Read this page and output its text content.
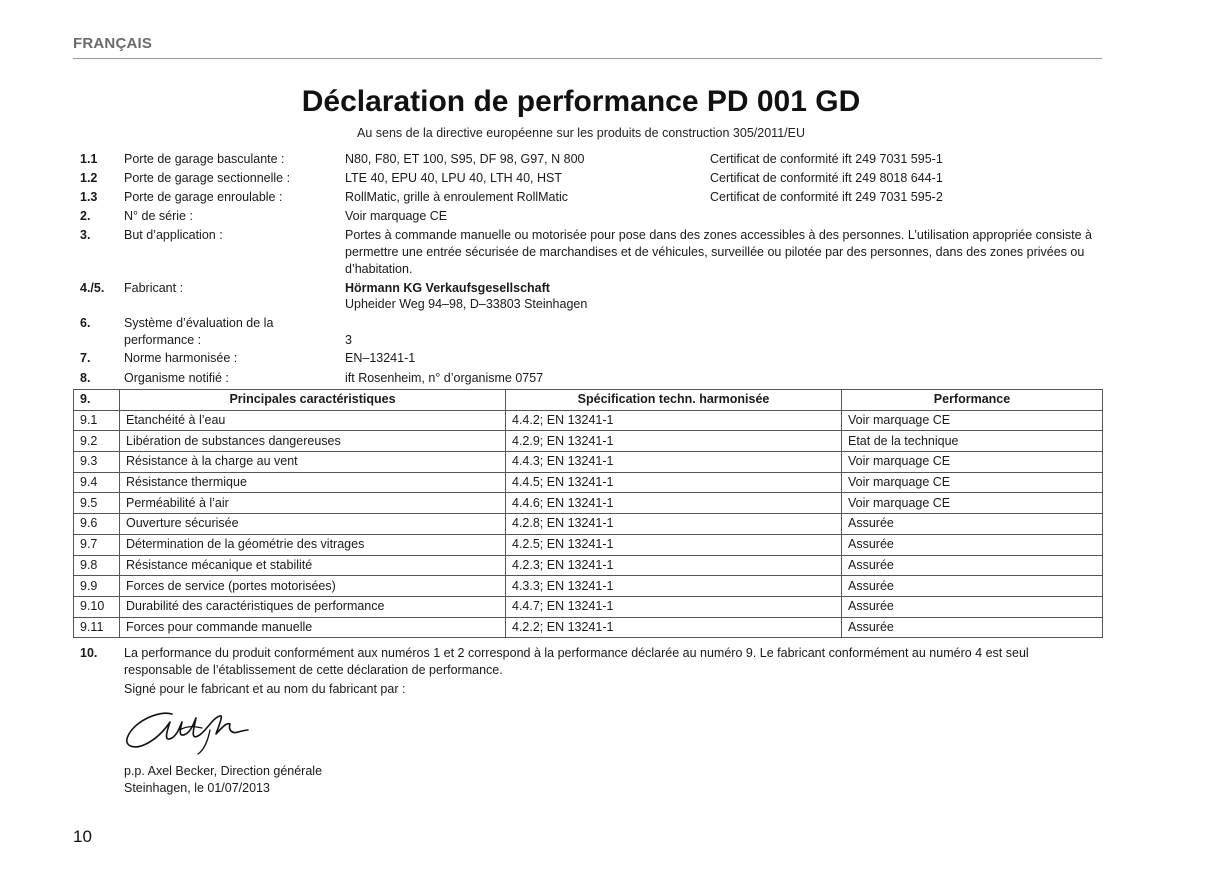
FRANÇAIS
Déclaration de performance PD 001 GD
Au sens de la directive européenne sur les produits de construction 305/2011/EU
1.1 Porte de garage basculante :	N80, F80, ET 100, S95, DF 98, G97, N 800	Certificat de conformité ift 249 7031 595-1
1.2 Porte de garage sectionnelle :	LTE 40, EPU 40, LPU 40, LTH 40, HST	Certificat de conformité ift 249 8018 644-1
1.3 Porte de garage enroulable :	RollMatic, grille à enroulement RollMatic	Certificat de conformité ift 249 7031 595-2
2.	N° de série :	Voir marquage CE
3.	But d’application :	Portes à commande manuelle ou motorisée pour pose dans des zones accessibles à des personnes. L’utilisation appropriée consiste à permettre une entrée sécurisée de marchandises et de véhicules, surveillée ou pilotée par des personnes, dans des zones privées ou d’habitation.
4./5. Fabricant :	Hörmann KG Verkaufsgesellschaft
Upheider Weg 94–98, D–33803 Steinhagen
6.	Système d’évaluation de la performance :	3
7.	Norme harmonisée :	EN–13241-1
8.	Organisme notifié :	ift Rosenheim, n° d’organisme 0757
9.	Principales caractéristiques	Spécification techn. harmonisée	Performance
9.1	Etanchéité à l’eau	4.4.2; EN 13241-1	Voir marquage CE
9.2	Libération de substances dangereuses	4.2.9; EN 13241-1	Etat de la technique
9.3	Résistance à la charge au vent	4.4.3; EN 13241-1	Voir marquage CE
9.4	Résistance thermique	4.4.5; EN 13241-1	Voir marquage CE
9.5	Perméabilité à l’air	4.4.6; EN 13241-1	Voir marquage CE
9.6	Ouverture sécurisée	4.2.8; EN 13241-1	Assurée
9.7	Détermination de la géométrie des vitrages	4.2.5; EN 13241-1	Assurée
9.8	Résistance mécanique et stabilité	4.2.3; EN 13241-1	Assurée
9.9	Forces de service (portes motorisées)	4.3.3; EN 13241-1	Assurée
9.10	Durabilité des caractéristiques de performance	4.4.7; EN 13241-1	Assurée
9.11	Forces pour commande manuelle	4.2.2; EN 13241-1	Assurée
10. La performance du produit conformément aux numéros 1 et 2 correspond à la performance déclarée au numéro 9. Le fabricant conformément au numéro 4 est seul responsable de l’établissement de cette déclaration de performance.
Signé pour le fabricant et au nom du fabricant par :
p.p. Axel Becker, Direction générale
Steinhagen, le 01/07/2013
10
